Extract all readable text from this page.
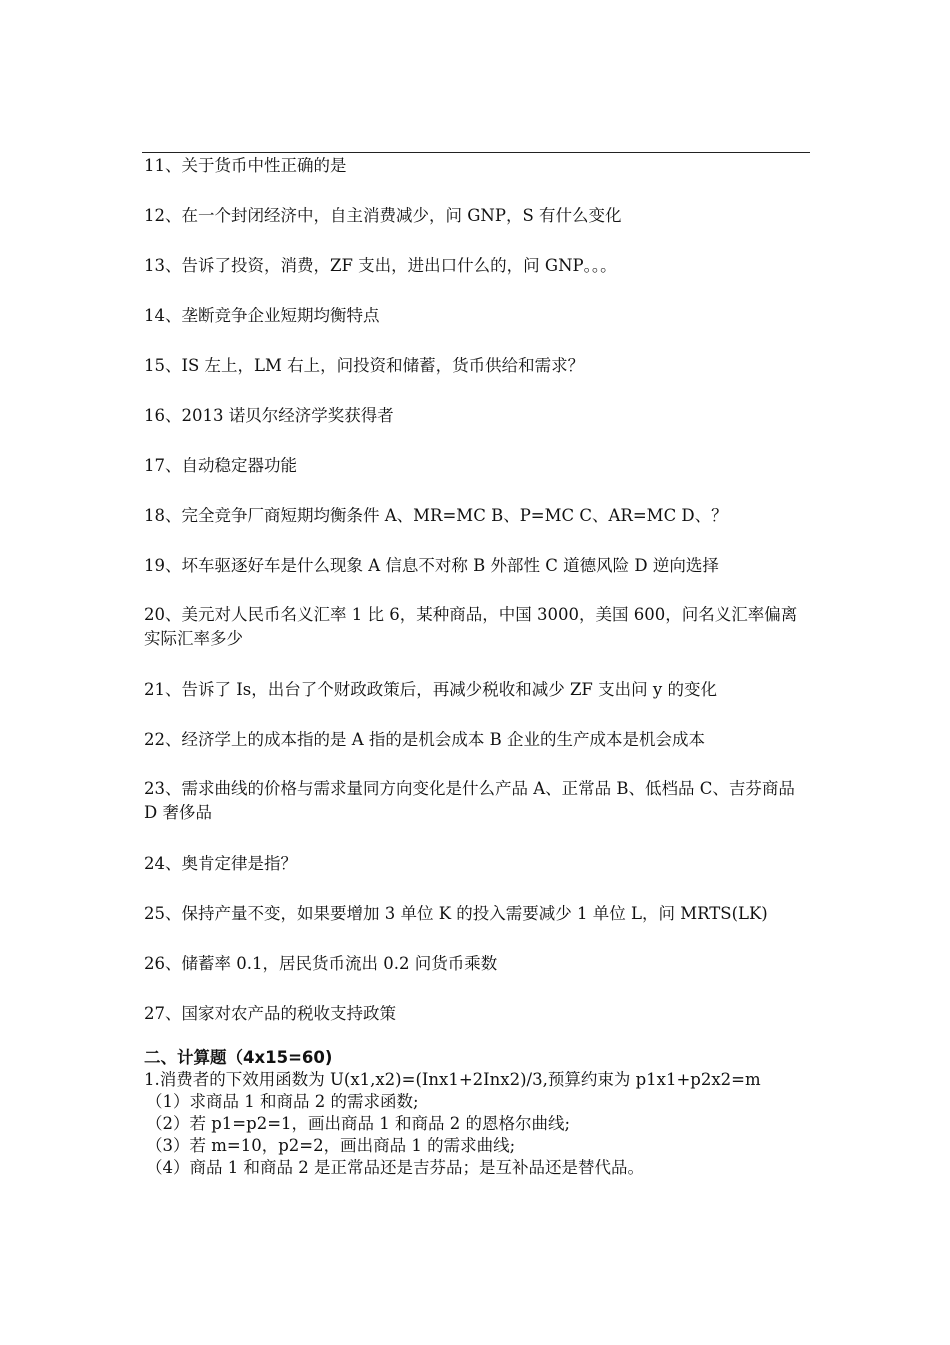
11、关于货币中性正确的是

12、在一个封闭经济中，自主消费减少，问 GNP，S 有什么变化

13、告诉了投资，消费，ZF 支出，进出口什么的，问 GNP。。。

14、垄断竞争企业短期均衡特点

15、IS 左上，LM 右上，问投资和储蓄，货币供给和需求？

16、2013 诺贝尔经济学奖获得者

17、自动稳定器功能

18、完全竞争厂商短期均衡条件 A、MR=MC B、P=MC C、AR=MC D、？

19、坏车驱逐好车是什么现象 A 信息不对称 B 外部性 C 道德风险 D 逆向选择

20、美元对人民币名义汇率 1 比 6，某种商品，中国 3000，美国 600，问名义汇率偏离实际汇率多少

21、告诉了 Is，出台了个财政政策后，再减少税收和减少 ZF 支出问 y 的变化

22、经济学上的成本指的是 A 指的是机会成本 B 企业的生产成本是机会成本

23、需求曲线的价格与需求量同方向变化是什么产品 A、正常品 B、低档品 C、吉芬商品 D 奢侈品

24、奥肯定律是指？

25、保持产量不变，如果要增加 3 单位 K 的投入需要减少 1 单位 L，问 MRTS(LK)

26、储蓄率 0.1，居民货币流出 0.2 问货币乘数

27、国家对农产品的税收支持政策

二、计算题（4x15=60)

1.消费者的下效用函数为 U(x1,x2)=(Inx1+2Inx2)/3,预算约束为 p1x1+p2x2=m

（1）求商品 1 和商品 2 的需求函数;

（2）若 p1=p2=1，画出商品 1 和商品 2 的恩格尔曲线;

（3）若 m=10，p2=2，画出商品 1 的需求曲线;

（4）商品 1 和商品 2 是正常品还是吉芬品；是互补品还是替代品。
